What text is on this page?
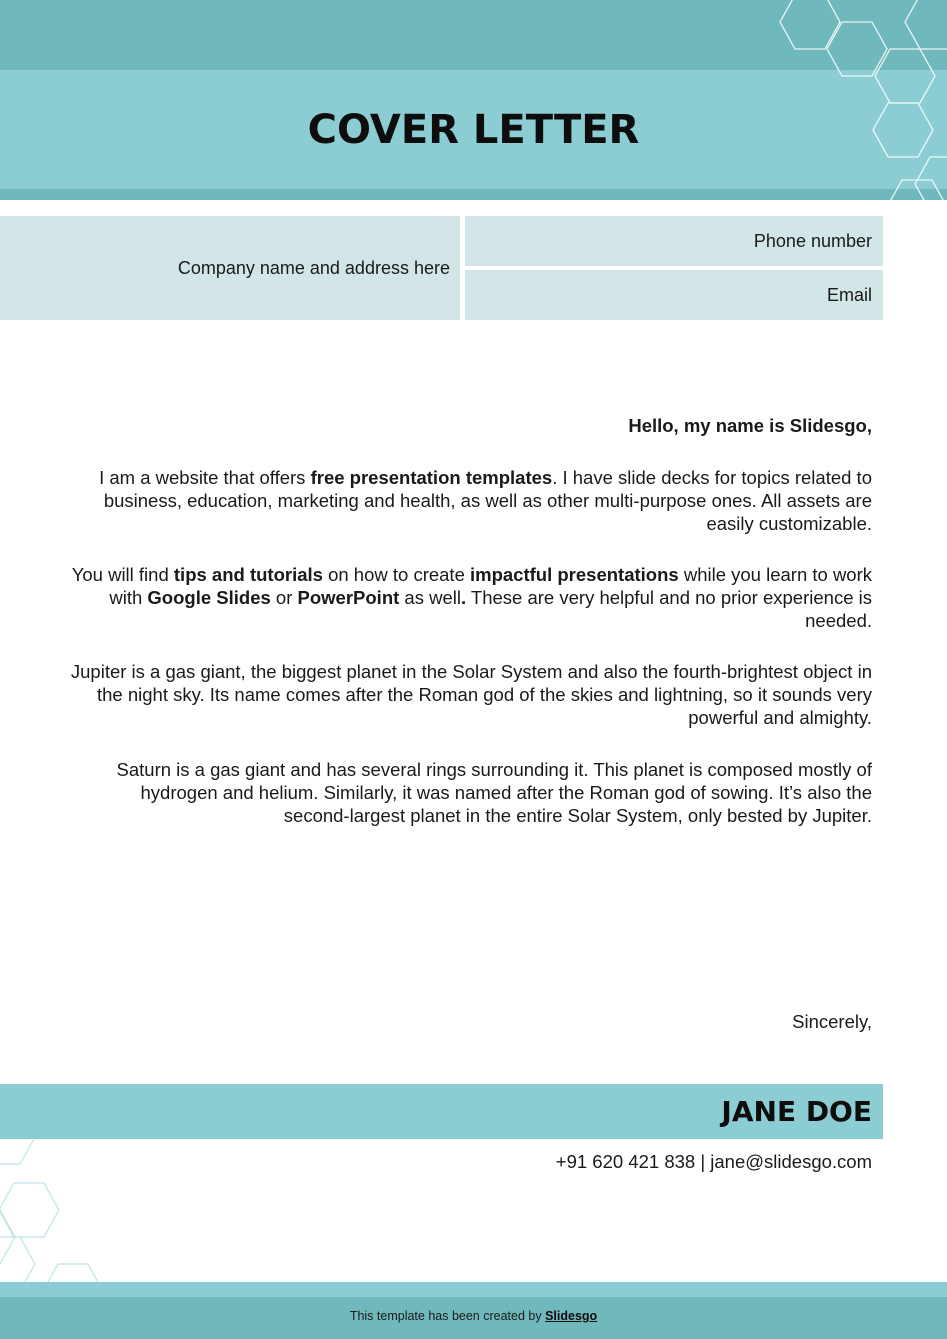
COVER LETTER
Company name and address here
Phone number
Email
Hello, my name is Slidesgo,
I am a website that offers free presentation templates. I have slide decks for topics related to business, education, marketing and health, as well as other multi-purpose ones. All assets are easily customizable.
You will find tips and tutorials on how to create impactful presentations while you learn to work with Google Slides or PowerPoint as well. These are very helpful and no prior experience is needed.
Jupiter is a gas giant, the biggest planet in the Solar System and also the fourth-brightest object in the night sky. Its name comes after the Roman god of the skies and lightning, so it sounds very powerful and almighty.
Saturn is a gas giant and has several rings surrounding it. This planet is composed mostly of hydrogen and helium. Similarly, it was named after the Roman god of sowing. It’s also the second-largest planet in the entire Solar System, only bested by Jupiter.
Sincerely,
JANE DOE
+91 620 421 838 | jane@slidesgo.com
This template has been created by Slidesgo
